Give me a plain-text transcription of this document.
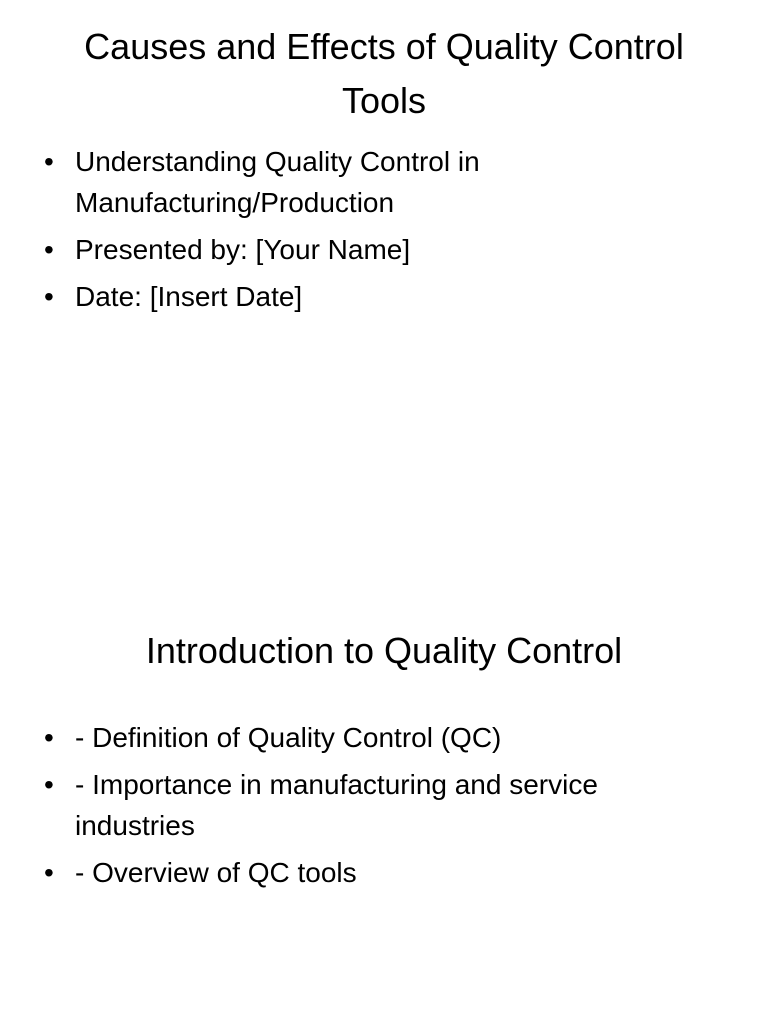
Causes and Effects of Quality Control Tools
• Understanding Quality Control in Manufacturing/Production
• Presented by: [Your Name]
• Date: [Insert Date]
Introduction to Quality Control
• - Definition of Quality Control (QC)
• - Importance in manufacturing and service industries
• - Overview of QC tools
